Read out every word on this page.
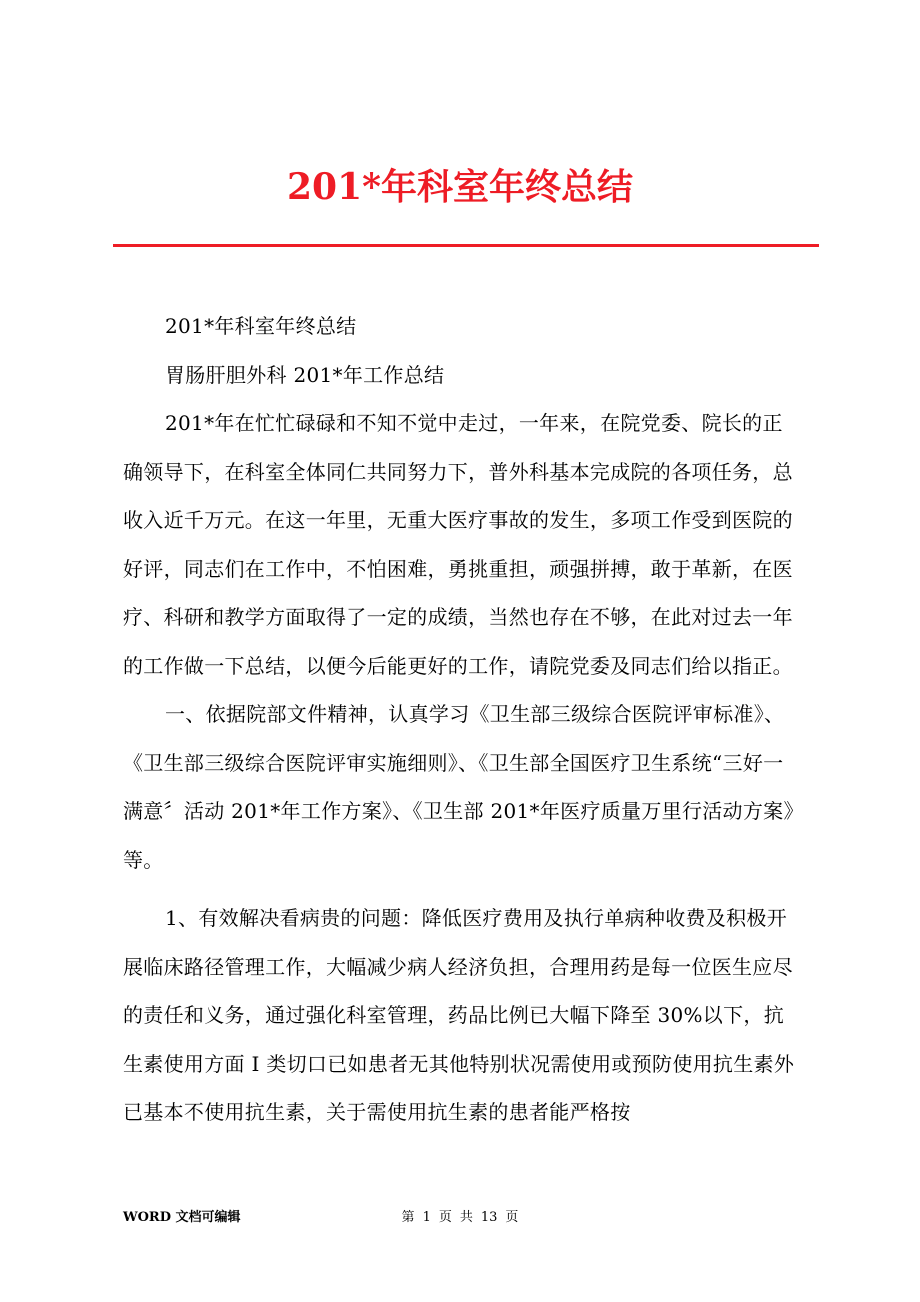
201*年科室年终总结

201*年科室年终总结

胃肠肝胆外科 201*年工作总结

201*年在忙忙碌碌和不知不觉中走过，一年来，在院党委、院长的正确领导下，在科室全体同仁共同努力下，普外科基本完成院的各项任务，总收入近千万元。在这一年里，无重大医疗事故的发生，多项工作受到医院的好评，同志们在工作中，不怕困难，勇挑重担，顽强拼搏，敢于革新，在医疗、科研和教学方面取得了一定的成绩，当然也存在不够，在此对过去一年的工作做一下总结，以便今后能更好的工作，请院党委及同志们给以指正。

一、依据院部文件精神，认真学习《卫生部三级综合医院评审标准》、《卫生部三级综合医院评审实施细则》、《卫生部全国医疗卫生系统“三好一满意〞活动 201*年工作方案》、《卫生部 201*年医疗质量万里行活动方案》等。

1、有效解决看病贵的问题：降低医疗费用及执行单病种收费及积极开展临床路径管理工作，大幅减少病人经济负担，合理用药是每一位医生应尽的责任和义务，通过强化科室管理，药品比例已大幅下降至 30%以下，抗生素使用方面 I 类切口已如患者无其他特别状况需使用或预防使用抗生素外已基本不使用抗生素，关于需使用抗生素的患者能严格按

WORD 文档可编辑	第 1 页 共 13 页
